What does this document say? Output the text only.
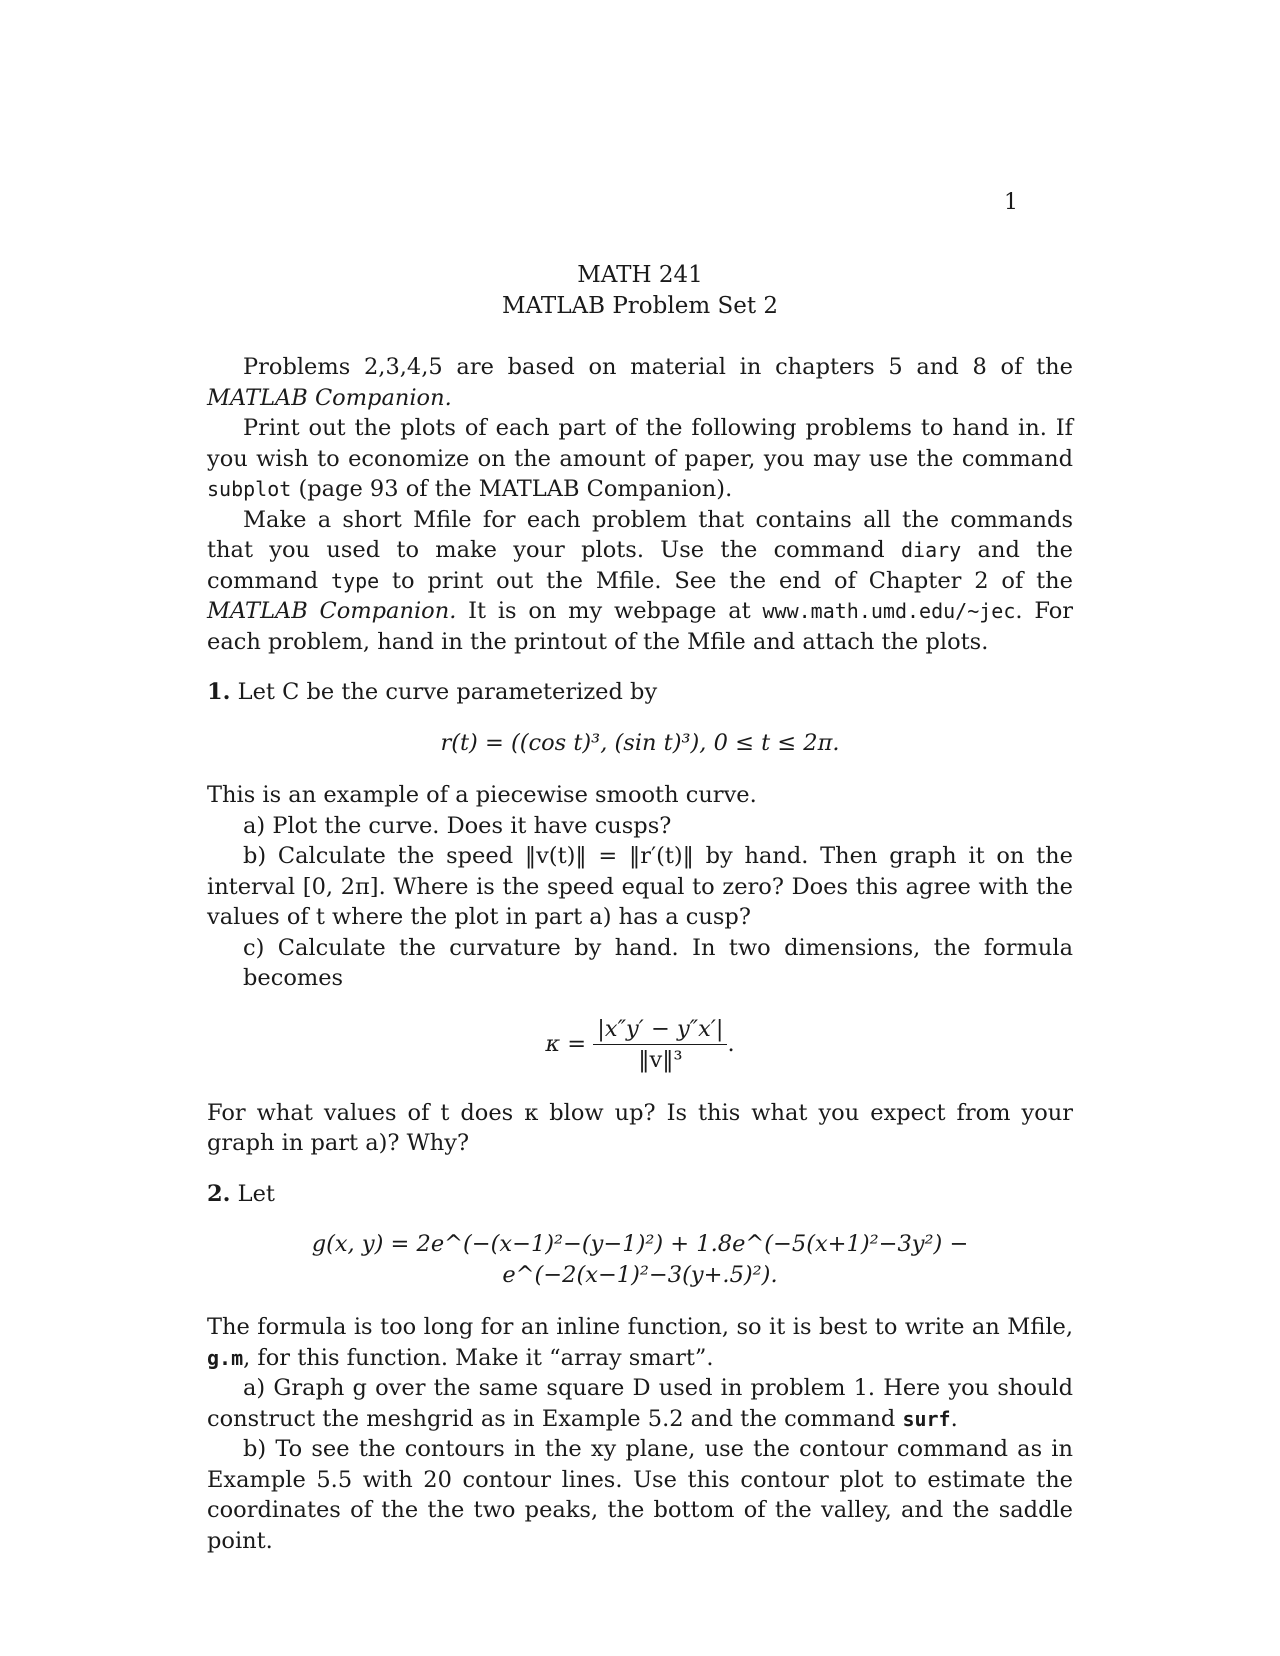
1
MATH 241
MATLAB Problem Set 2

Problems 2,3,4,5 are based on material in chapters 5 and 8 of the MATLAB Companion.

Print out the plots of each part of the following problems to hand in. If you wish to economize on the amount of paper, you may use the command subplot (page 93 of the MATLAB Companion).

Make a short Mfile for each problem that contains all the commands that you used to make your plots. Use the command diary and the command type to print out the Mfile. See the end of Chapter 2 of the MATLAB Companion. It is on my webpage at www.math.umd.edu/~jec. For each problem, hand in the printout of the Mfile and attach the plots.

1. Let C be the curve parameterized by

r(t) = ((cos t)³, (sin t)³), 0 ≤ t ≤ 2π.

This is an example of a piecewise smooth curve.

a) Plot the curve. Does it have cusps?

b) Calculate the speed ‖v(t)‖ = ‖r′(t)‖ by hand. Then graph it on the interval [0, 2π]. Where is the speed equal to zero? Does this agree with the values of t where the plot in part a) has a cusp?

c) Calculate the curvature by hand. In two dimensions, the formula becomes

$\kappa = \frac{|x''y' - y''x'|}{\text{‖v‖³}}$ .

For what values of t does κ blow up? Is this what you expect from your graph in part a)? Why?

2. Let

g(x, y) = 2e^(−(x−1)²−(y−1)²) + 1.8e^(−5(x+1)²−3y²) − e^(−2(x−1)²−3(y+.5)²).

The formula is too long for an inline function, so it is best to write an Mfile, g.m, for this function. Make it “array smart”.

a) Graph g over the same square D used in problem 1. Here you should construct the meshgrid as in Example 5.2 and the command surf.

b) To see the contours in the xy plane, use the contour command as in Example 5.5 with 20 contour lines. Use this contour plot to estimate the coordinates of the the two peaks, the bottom of the valley, and the saddle point.
